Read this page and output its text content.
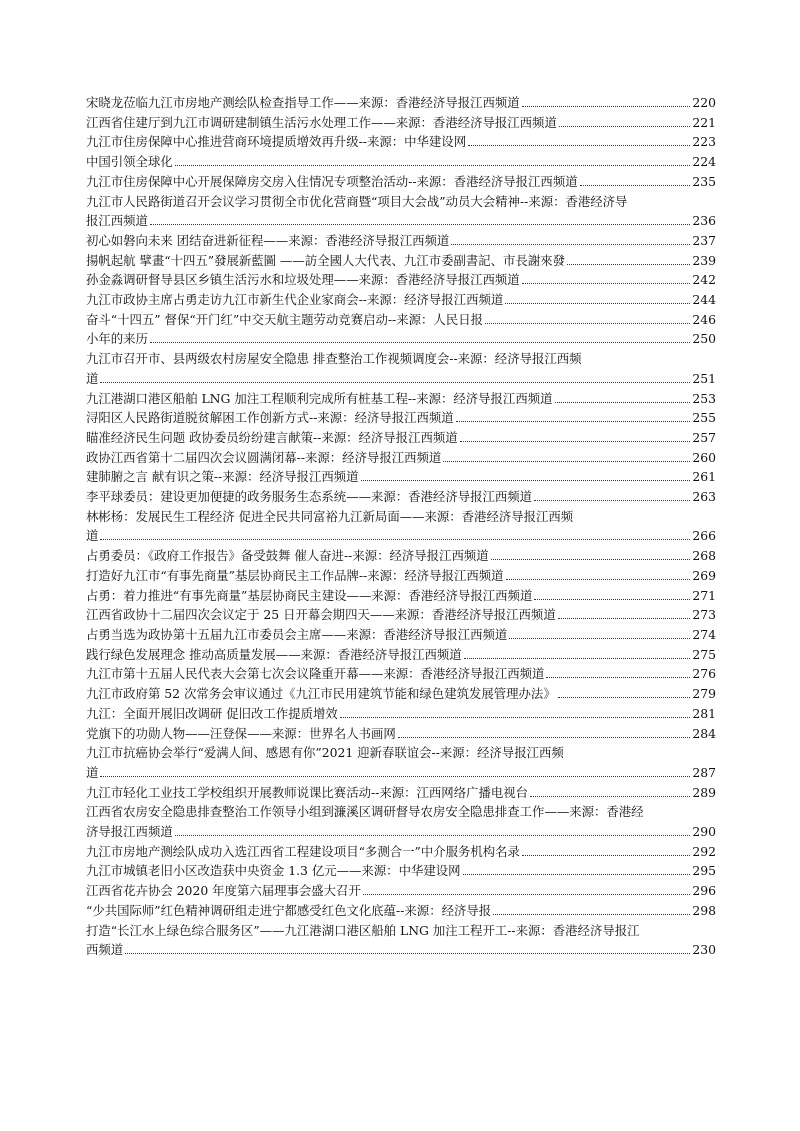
宋晓龙莅临九江市房地产测绘队检查指导工作——来源：香港经济导报江西频道	220
江西省住建厅到九江市调研建制镇生活污水处理工作——来源：香港经济导报江西频道	221
九江市住房保障中心推进营商环境提质增效再升级--来源：中华建设网	223
中国引领全球化	224
九江市住房保障中心开展保障房交房入住情况专项整治活动--来源：香港经济导报江西频道	235
九江市人民路街道召开会议学习贯彻全市优化营商暨“项目大会战”动员大会精神--来源：香港经济导
报江西频道	236
初心如磐向未来 团结奋进新征程——来源：香港经济导报江西频道	237
揚帆起航 擘畫“十四五”發展新藍圖 ——訪全國人大代表、九江市委副書記、市長謝來發	239
孙金淼调研督导县区乡镇生活污水和垃圾处理——来源：香港经济导报江西频道	242
九江市政协主席占勇走访九江市新生代企业家商会--来源：经济导报江西频道	244
奋斗“十四五” 督保“开门红”中交天航主题劳动竞赛启动--来源：人民日报	246
小年的来历	250
九江市召开市、县两级农村房屋安全隐患 排查整治工作视频调度会--来源：经济导报江西频
道	251
九江港湖口港区船舶 LNG 加注工程顺利完成所有桩基工程--来源：经济导报江西频道	253
浔阳区人民路街道脱贫解困工作创新方式--来源：经济导报江西频道	255
瞄准经济民生问题 政协委员纷纷建言献策--来源：经济导报江西频道	257
政协江西省第十二届四次会议圆满闭幕--来源：经济导报江西频道	260
建肺腑之言 献有识之策--来源：经济导报江西频道	261
李平球委员：建设更加便捷的政务服务生态系统——来源：香港经济导报江西频道	263
林彬杨：发展民生工程经济 促进全民共同富裕九江新局面——来源：香港经济导报江西频
道	266
占勇委员：《政府工作报告》备受鼓舞 催人奋进--来源：经济导报江西频道	268
打造好九江市“有事先商量”基层协商民主工作品牌--来源：经济导报江西频道	269
占勇：着力推进“有事先商量”基层协商民主建设——来源：香港经济导报江西频道	271
江西省政协十二届四次会议定于 25 日开幕会期四天——来源：香港经济导报江西频道	273
占勇当选为政协第十五届九江市委员会主席——来源：香港经济导报江西频道	274
践行绿色发展理念 推动高质量发展——来源：香港经济导报江西频道	275
九江市第十五届人民代表大会第七次会议隆重开幕——来源：香港经济导报江西频道	276
九江市政府第 52 次常务会审议通过《九江市民用建筑节能和绿色建筑发展管理办法》	279
九江：全面开展旧改调研 促旧改工作提质增效	281
党旗下的功勋人物——汪登保——来源：世界名人书画网	284
九江市抗癌协会举行“爱满人间、感恩有你”2021 迎新春联谊会--来源：经济导报江西频
道	287
九江市轻化工业技工学校组织开展教师说课比赛活动--来源：江西网络广播电视台	289
江西省农房安全隐患排查整治工作领导小组到濂溪区调研督导农房安全隐患排查工作——来源：香港经
济导报江西频道	290
九江市房地产测绘队成功入选江西省工程建设项目“多测合一”中介服务机构名录	292
九江市城镇老旧小区改造获中央资金 1.3 亿元——来源：中华建设网	295
江西省花卉协会 2020 年度第六届理事会盛大召开	296
“少共国际师”红色精神调研组走进宁都感受红色文化底蕴--来源：经济导报	298
打造“长江水上绿色综合服务区”——九江港湖口港区船舶 LNG 加注工程开工--来源：香港经济导报江
西频道	230
